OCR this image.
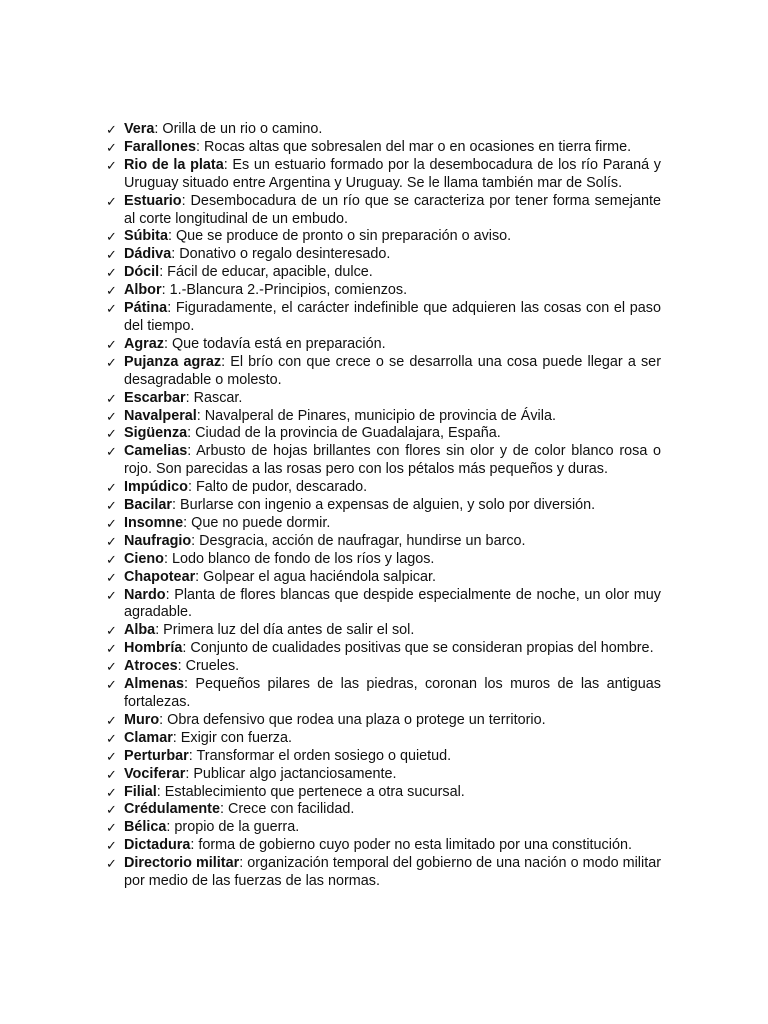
✓ Vera: Orilla de un rio o camino.
✓ Farallones: Rocas altas que sobresalen del mar o en ocasiones en tierra firme.
✓ Rio de la plata: Es un estuario formado por la desembocadura de los río Paraná y Uruguay situado entre Argentina y Uruguay. Se le llama también mar de Solís.
✓ Estuario: Desembocadura de un río que se caracteriza por tener forma semejante al corte longitudinal de un embudo.
✓ Súbita: Que se produce de pronto o sin preparación o aviso.
✓ Dádiva: Donativo o regalo desinteresado.
✓ Dócil: Fácil de educar, apacible, dulce.
✓ Albor: 1.-Blancura 2.-Principios, comienzos.
✓ Pátina: Figuradamente, el carácter indefinible que adquieren las cosas con el paso del tiempo.
✓ Agraz: Que todavía está en preparación.
✓ Pujanza agraz: El brío con que crece o se desarrolla una cosa puede llegar a ser desagradable o molesto.
✓ Escarbar: Rascar.
✓ Navalperal: Navalperal de Pinares, municipio de provincia de Ávila.
✓ Sigüenza: Ciudad de la provincia de Guadalajara, España.
✓ Camelias: Arbusto de hojas brillantes con flores sin olor y de color blanco rosa o rojo. Son parecidas a las rosas pero con los pétalos más pequeños y duras.
✓ Impúdico: Falto de pudor, descarado.
✓ Bacilar: Burlarse con ingenio a expensas de alguien, y solo por diversión.
✓ Insomne: Que no puede dormir.
✓ Naufragio: Desgracia, acción de naufragar, hundirse un barco.
✓ Cieno: Lodo blanco de fondo de los ríos y lagos.
✓ Chapotear: Golpear el agua haciéndola salpicar.
✓ Nardo: Planta de flores blancas que despide especialmente de noche, un olor muy agradable.
✓ Alba: Primera luz del día antes de salir el sol.
✓ Hombría: Conjunto de cualidades positivas que se consideran propias del hombre.
✓ Atroces: Crueles.
✓ Almenas: Pequeños pilares de las piedras, coronan los muros de las antiguas fortalezas.
✓ Muro: Obra defensivo que rodea una plaza o protege un territorio.
✓ Clamar: Exigir con fuerza.
✓ Perturbar: Transformar el orden sosiego o quietud.
✓ Vociferar: Publicar algo jactanciosamente.
✓ Filial: Establecimiento que pertenece a otra sucursal.
✓ Crédulamente: Crece con facilidad.
✓ Bélica: propio de la guerra.
✓ Dictadura: forma de gobierno cuyo poder no esta limitado por una constitución.
✓ Directorio militar: organización temporal del gobierno de una nación o modo militar por medio de las fuerzas de las normas.
